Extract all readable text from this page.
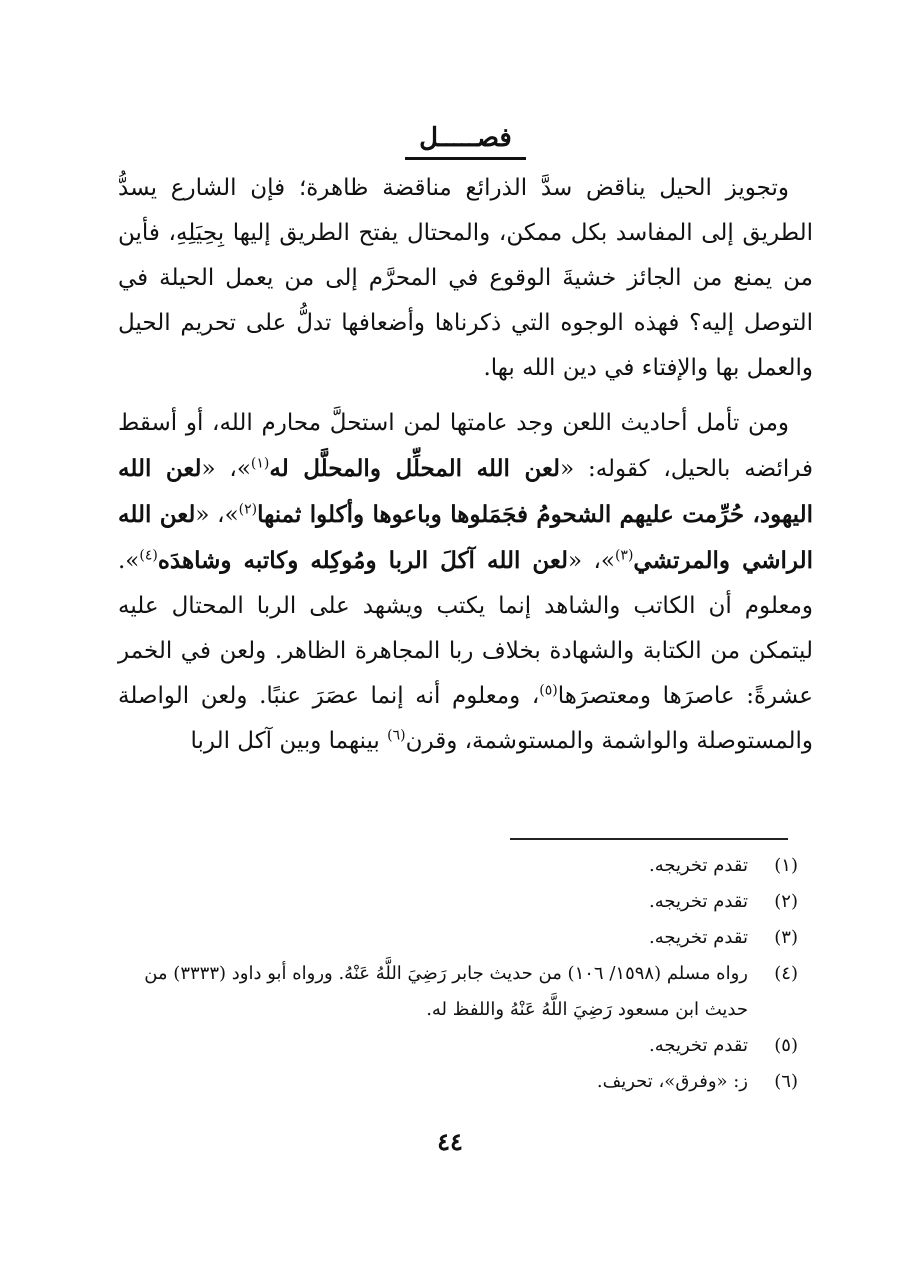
فصـــــل

وتجويز الحيل يناقض سدَّ الذرائع مناقضة ظاهرة؛ فإن الشارع يسدُّ الطريق إلى المفاسد بكل ممكن، والمحتال يفتح الطريق إليها بِحِيَلِهِ، فأين من يمنع من الجائز خشيةَ الوقوع في المحرَّم إلى من يعمل الحيلة في التوصل إليه؟ فهذه الوجوه التي ذكرناها وأضعافها تدلُّ على تحريم الحيل والعمل بها والإفتاء في دين الله بها.

ومن تأمل أحاديث اللعن وجد عامتها لمن استحلَّ محارم الله، أو أسقط فرائضه بالحيل، كقوله: «لعن الله المحلِّل والمحلَّل له$^{(١)}$»، «لعن الله اليهود، حُرِّمت عليهم الشحومُ فجَمَلوها وباعوها وأكلوا ثمنها$^{(٢)}$»، «لعن الله الراشي والمرتشي$^{(٣)}$»، «لعن الله آكلَ الربا ومُوكِله وكاتبه وشاهدَه$^{(٤)}$». ومعلوم أن الكاتب والشاهد إنما يكتب ويشهد على الربا المحتال عليه ليتمكن من الكتابة والشهادة بخلاف ربا المجاهرة الظاهر. ولعن في الخمر عشرةً: عاصرَها ومعتصرَها$^{(٥)}$، ومعلوم أنه إنما عصَرَ عنبًا. ولعن الواصلة والمستوصلة والواشمة والمستوشمة، وقرن$^{(٦)}$ بينهما وبين آكل الربا

(١)
تقدم تخريجه.
(٢)
تقدم تخريجه.
(٣)
تقدم تخريجه.
(٤)
رواه مسلم (١٥٩٨/ ١٠٦) من حديث جابر رَضِيَ اللَّهُ عَنْهُ. ورواه أبو داود (٣٣٣٣) من حديث ابن مسعود رَضِيَ اللَّهُ عَنْهُ واللفظ له.
(٥)
تقدم تخريجه.
(٦)
ز: «وفرق»، تحريف.
٤٤
